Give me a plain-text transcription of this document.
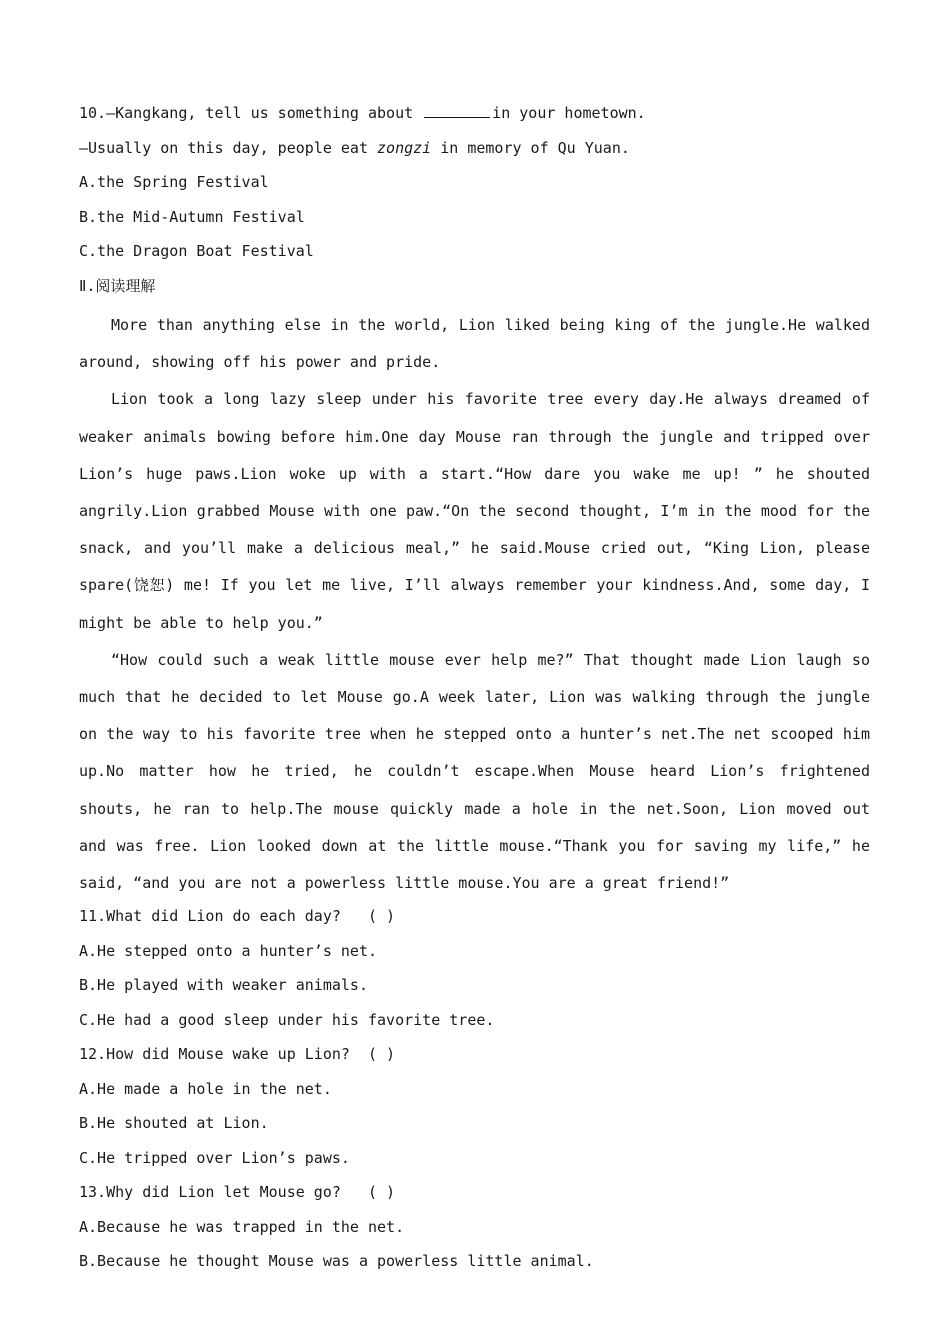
10.—Kangkang, tell us something about	in your hometown.
—Usually on this day, people eat zongzi in memory of Qu Yuan.
A.the Spring Festival
B.the Mid-Autumn Festival
C.the Dragon Boat Festival
Ⅱ.阅读理解

More than anything else in the world, Lion liked being king of the jungle.He walked around, showing off his power and pride.

Lion took a long lazy sleep under his favorite tree every day.He always dreamed of weaker animals bowing before him.One day Mouse ran through the jungle and tripped over Lion’s huge paws.Lion woke up with a start.“How dare you wake me up! ” he shouted angrily.Lion grabbed Mouse with one paw.“On the second thought, I’m in the mood for the snack, and you’ll make a delicious meal,” he said.Mouse cried out, “King Lion, please spare(饶恕) me! If you let me live, I’ll always remember your kindness.And, some day, I might be able to help you.”

“How could such a weak little mouse ever help me?” That thought made Lion laugh so much that he decided to let Mouse go.A week later, Lion was walking through the jungle on the way to his favorite tree when he stepped onto a hunter’s net.The net scooped him up.No matter how he tried, he couldn’t escape.When Mouse heard Lion’s frightened shouts, he ran to help.The mouse quickly made a hole in the net.Soon, Lion moved out and was free. Lion looked down at the little mouse.“Thank you for saving my life,” he said, “and you are not a powerless little mouse.You are a great friend!”

11.What did Lion do each day? ( )
A.He stepped onto a hunter’s net.
B.He played with weaker animals.
C.He had a good sleep under his favorite tree.
12.How did Mouse wake up Lion? ( )
A.He made a hole in the net.
B.He shouted at Lion.
C.He tripped over Lion’s paws.
13.Why did Lion let Mouse go? ( )
A.Because he was trapped in the net.
B.Because he thought Mouse was a powerless little animal.
